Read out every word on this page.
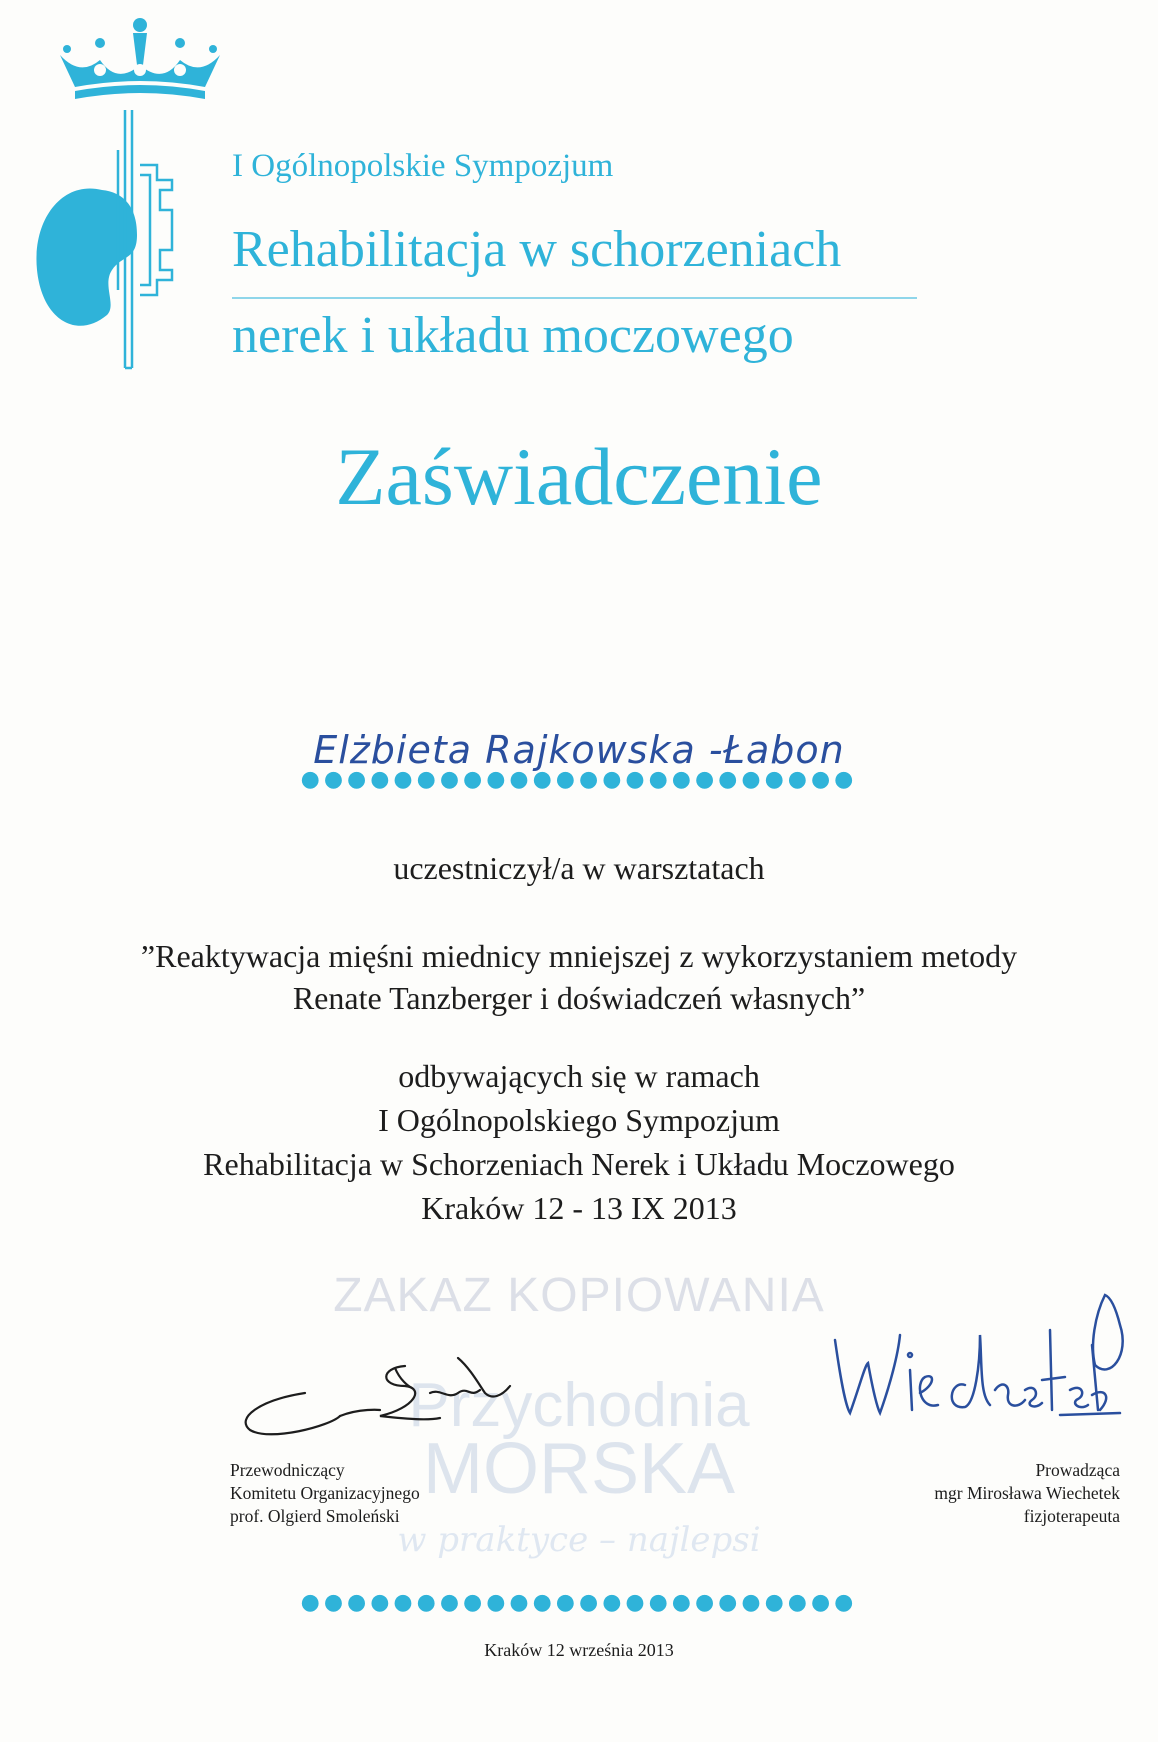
I Ogólnopolskie Sympozjum
Rehabilitacja w schorzeniach
nerek i układu moczowego
Zaświadczenie
Elżbieta Rajkowska -Łabon
●●●●●●●●●●●●●●●●●●●●●●●●
uczestniczył/a w warsztatach
”Reaktywacja mięśni miednicy mniejszej z wykorzystaniem metody
Renate Tanzberger i doświadczeń własnych”
odbywających się w ramach
I Ogólnopolskiego Sympozjum
Rehabilitacja w Schorzeniach Nerek i Układu Moczowego
Kraków 12 - 13 IX 2013
ZAKAZ KOPIOWANIA
Przychodnia
MORSKA
w praktyce – najlepsi
Przewodniczący
Komitetu Organizacyjnego
prof. Olgierd Smoleński
Prowadząca
mgr Mirosława Wiechetek
fizjoterapeuta
●●●●●●●●●●●●●●●●●●●●●●●●
Kraków 12 września 2013
